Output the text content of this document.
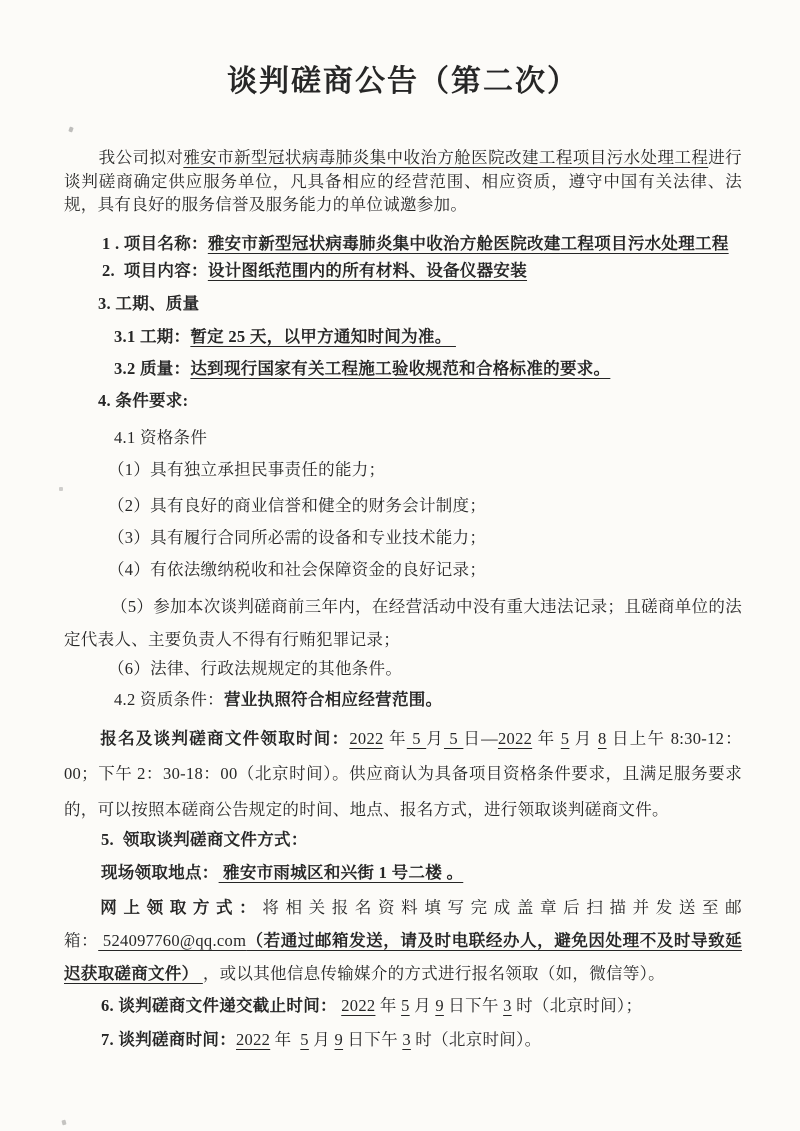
谈判磋商公告（第二次）

我公司拟对雅安市新型冠状病毒肺炎集中收治方舱医院改建工程项目污水处理工程进行谈判磋商确定供应服务单位，凡具备相应的经营范围、相应资质，遵守中国有关法律、法规，具有良好的服务信誉及服务能力的单位诚邀参加。

1 . 项目名称：雅安市新型冠状病毒肺炎集中收治方舱医院改建工程项目污水处理工程

2.  项目内容：设计图纸范围内的所有材料、设备仪器安装

3. 工期、质量

3.1 工期：暂定 25 天，以甲方通知时间为准。

3.2 质量：达到现行国家有关工程施工验收规范和合格标准的要求。

4. 条件要求:

4.1 资格条件

（1）具有独立承担民事责任的能力；

（2）具有良好的商业信誉和健全的财务会计制度；

（3）具有履行合同所必需的设备和专业技术能力；

（4）有依法缴纳税收和社会保障资金的良好记录；

（5）参加本次谈判磋商前三年内，在经营活动中没有重大违法记录；且磋商单位的法定代表人、主要负责人不得有行贿犯罪记录；

（6）法律、行政法规规定的其他条件。

4.2 资质条件：营业执照符合相应经营范围。

报名及谈判磋商文件领取时间：2022 年 5 月 5 日—2022 年 5 月 8 日上午 8:30-12：00；下午 2：30-18：00（北京时间）。供应商认为具备项目资格条件要求，且满足服务要求的，可以按照本磋商公告规定的时间、地点、报名方式，进行领取谈判磋商文件。

5.  领取谈判磋商文件方式：

现场领取地点： 雅安市雨城区和兴街 1 号二楼 。

网上领取方式：将相关报名资料填写完成盖章后扫描并发送至邮箱： 524097760@qq.com（若通过邮箱发送，请及时电联经办人，避免因处理不及时导致延迟获取磋商文件） ，或以其他信息传输媒介的方式进行报名领取（如，微信等）。

6. 谈判磋商文件递交截止时间： 2022 年 5 月 9 日下午 3 时（北京时间）；

7. 谈判磋商时间：2022 年  5 月 9 日下午 3 时（北京时间）。
